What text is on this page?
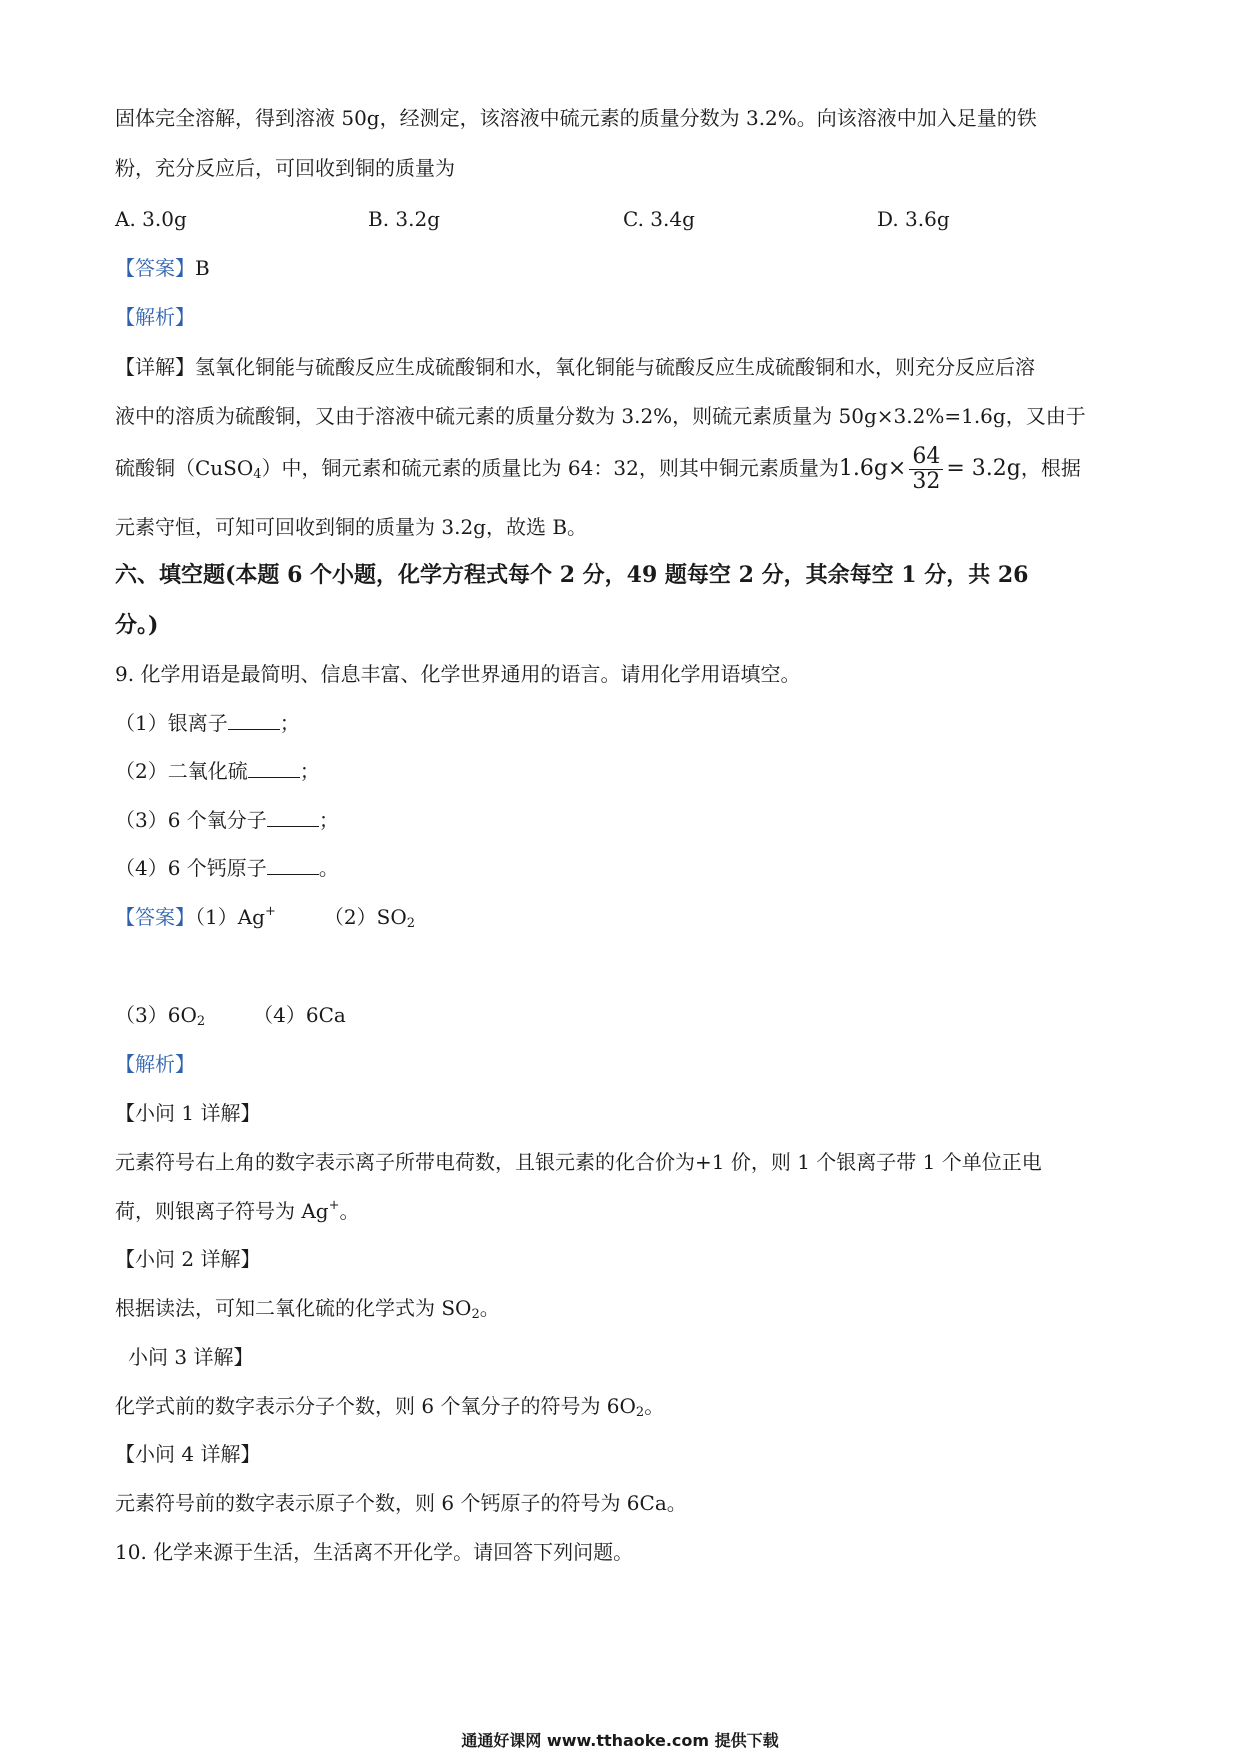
固体完全溶解，得到溶液 50g，经测定，该溶液中硫元素的质量分数为 3.2%。向该溶液中加入足量的铁
粉，充分反应后，可回收到铜的质量为
A. 3.0g	B. 3.2g	C. 3.4g	D. 3.6g
【答案】B
【解析】
【详解】氢氧化铜能与硫酸反应生成硫酸铜和水，氧化铜能与硫酸反应生成硫酸铜和水，则充分反应后溶
液中的溶质为硫酸铜，又由于溶液中硫元素的质量分数为 3.2%，则硫元素质量为 50g×3.2%=1.6g，又由于
硫酸铜（CuSO$_4$）中，铜元素和硫元素的质量比为 64：32，则其中铜元素质量为$1.6g\times \frac{64}{32} = 3.2g$，根据
元素守恒，可知可回收到铜的质量为 3.2g，故选 B。
六、填空题(本题 6 个小题，化学方程式每个 2 分，49 题每空 2 分，其余每空 1 分，共 26
分。)
9. 化学用语是最简明、信息丰富、化学世界通用的语言。请用化学用语填空。
（1）银离子	；
（2）二氧化硫	；
（3）6 个氧分子	；
（4）6 个钙原子	。
【答案】（1）Ag+ $(2)SO_2$
$(3)6O_2$ （4）6Ca
【解析】
【小问 1 详解】
元素符号右上角的数字表示离子所带电荷数，且银元素的化合价为+1 价，则 1 个银离子带 1 个单位正电
荷，则银离子符号为 Ag+。
【小问 2 详解】
根据读法，可知二氧化硫的化学式为 $SO_2$。
小问 3 详解】
化学式前的数字表示分子个数，则 6 个氧分子的符号为 $6O_2$。
【小问 4 详解】
元素符号前的数字表示原子个数，则 6 个钙原子的符号为 6Ca。
10. 化学来源于生活，生活离不开化学。请回答下列问题。
通通好课网 www.tthaoke.com 提供下载
